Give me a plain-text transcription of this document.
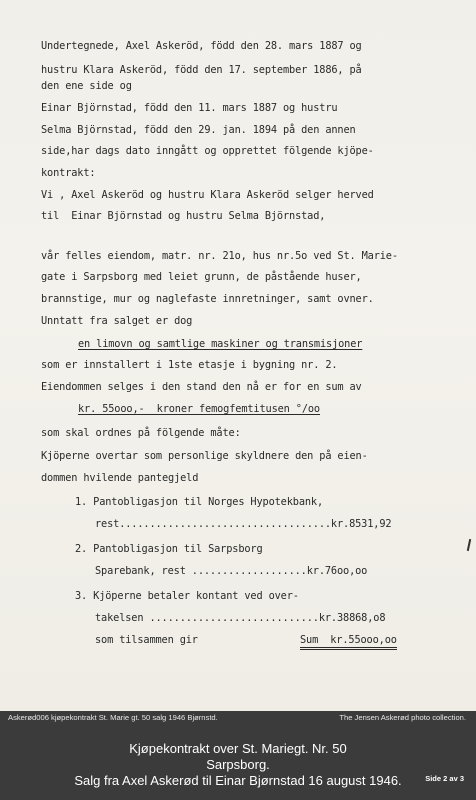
Undertegnede, Axel Askeröd, född den 28. mars 1887 og
hustru Klara Askeröd, född den 17. september 1886, på
den ene side og
Einar Björnstad, född den 11. mars 1887 og hustru
Selma Björnstad, född den 29. jan. 1894 på den annen
side,har dags dato inngått og opprettet fölgende kjöpe-
kontrakt:
Vi , Axel Askeröd og hustru Klara Askeröd selger herved
til  Einar Björnstad og hustru Selma Björnstad,
vår felles eiendom, matr. nr. 21o, hus nr.5o ved St. Marie-
gate i Sarpsborg med leiet grunn, de påstående huser,
brannstige, mur og naglefaste innretninger, samt ovner.
Unntatt fra salget er dog
en limovn og samtlige maskiner og transmisjoner
som er innstallert i 1ste etasje i bygning nr. 2.
Eiendommen selges i den stand den nå er for en sum av
kr. 55ooo,-  kroner femogfemtitusen °/oo
som skal ordnes på fölgende måte:
Kjöperne overtar som personlige skyldnere den på eien-
dommen hvilende pantegjeld
1. Pantobligasjon til Norges Hypotekbank,
rest...................................kr.8531,92
2. Pantobligasjon til Sarpsborg
Sparebank, rest ...................kr.76oo,oo
3. Kjöperne betaler kontant ved over-
takelsen ............................kr.38868,o8
som tilsammen gir	Sum  kr.55ooo,oo
Askerød006 kjøpekontrakt St. Marie gt. 50 salg 1946 Bjørnstd.	The Jensen Askerød photo collection.
Kjøpekontrakt over St. Mariegt. Nr. 50
Sarpsborg.
Salg fra Axel Askerød til Einar Bjørnstad 16 august 1946.	Side 2 av 3
